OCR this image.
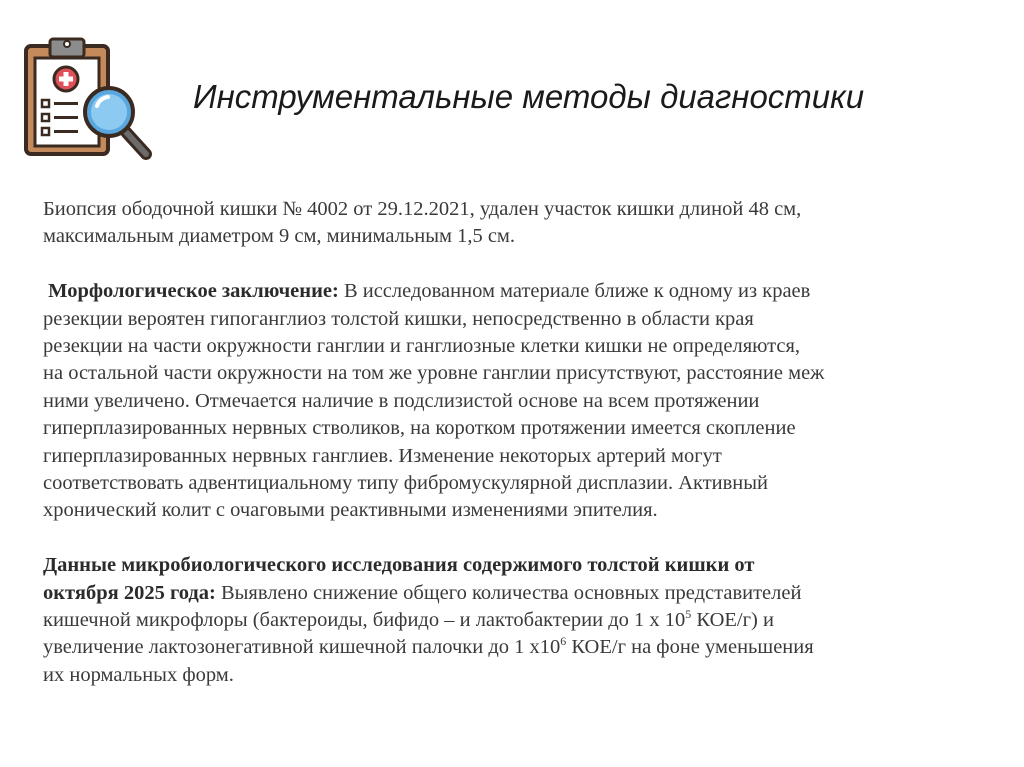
Инструментальные методы диагностики

Биопсия ободочной кишки № 4002 от 29.12.2021, удален участок кишки длиной 48 см,

максимальным диаметром 9 см, минимальным 1,5 см.

Морфологическое заключение: В исследованном материале ближе к одному из краев

резекции вероятен гипоганглиоз толстой кишки, непосредственно в области края

резекции на части окружности ганглии и ганглиозные клетки кишки не определяются,

на остальной части окружности на том же уровне ганглии присутствуют, расстояние меж

ними увеличено. Отмечается наличие в подслизистой основе на всем протяжении

гиперплазированных нервных стволиков, на коротком протяжении имеется скопление

гиперплазированных нервных ганглиев. Изменение некоторых артерий могут

соответствовать адвентициальному типу фибромускулярной дисплазии. Активный

хронический колит с очаговыми реактивными изменениями эпителия.

Данные микробиологического исследования содержимого толстой кишки от

октября 2025 года: Выявлено снижение общего количества основных представителей

кишечной микрофлоры (бактероиды, бифидо – и лактобактерии до 1 х $10^5$ КОЕ/г) и

увеличение лактозонегативной кишечной палочки до 1 $х10^6$ КОЕ/г на фоне уменьшения

их нормальных форм.
